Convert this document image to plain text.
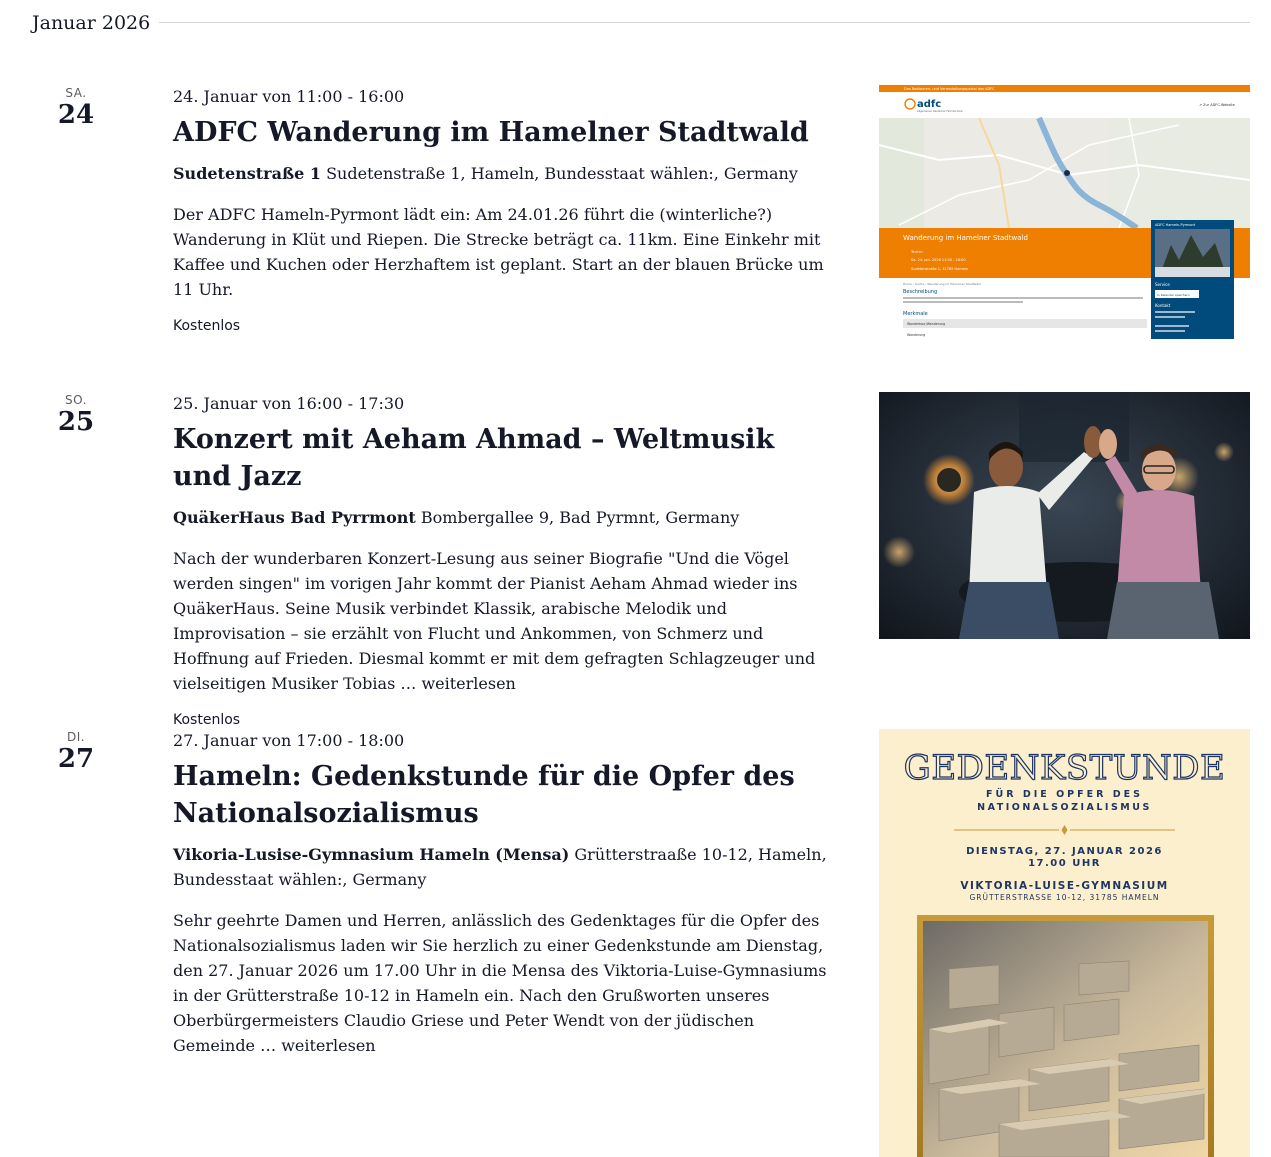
Januar 2026
SA.
24
24. Januar von 11:00 - 16:00
ADFC Wanderung im Hamelner Stadtwald
Sudetenstraße 1 Sudetenstraße 1, Hameln, Bundesstaat wählen:, Germany

Der ADFC Hameln-Pyrmont lädt ein: Am 24.01.26 führt die (winterliche?) Wanderung in Klüt und Riepen. Die Strecke beträgt ca. 11km. Eine Einkehr mit Kaffee und Kuchen oder Herzhaftem ist geplant. Start an der blauen Brücke um 11 Uhr.

Kostenlos
Das Radtouren- und Veranstaltungsportal des ADFC
adfc
Allgemeiner Deutscher Fahrrad-Club
↗ Zur ADFC-Website
Wanderung im Hamelner Stadtwald
Termin
Sa. 24. Jan. 2026 11:00 - 16:00
Sudetenstraße 1, 31785 Hameln
ADFC Hameln-Pyrmont
Service
In Kalender speichern
Kontakt
Home › Suche › Wanderung im Hamelner Stadtwald
Beschreibung
Merkmale
Wandertour/Wanderung
Wanderung
SO.
25
25. Januar von 16:00 - 17:30
Konzert mit Aeham Ahmad – Weltmusik und Jazz
QuäkerHaus Bad Pyrrmont Bombergallee 9, Bad Pyrmnt, Germany

Nach der wunderbaren Konzert-Lesung aus seiner Biografie "Und die Vögel werden singen" im vorigen Jahr kommt der Pianist Aeham Ahmad wieder ins QuäkerHaus. Seine Musik verbindet Klassik, arabische Melodik und Improvisation – sie erzählt von Flucht und Ankommen, von Schmerz und Hoffnung auf Frieden. Diesmal kommt er mit dem gefragten Schlagzeuger und vielseitigen Musiker Tobias … weiterlesen

Kostenlos
DI.
27
27. Januar von 17:00 - 18:00
Hameln: Gedenkstunde für die Opfer des Nationalsozialismus
Vikoria-Lusise-Gymnasium Hameln (Mensa) Grütterstraaße 10-12, Hameln, Bundesstaat wählen:, Germany

Sehr geehrte Damen und Herren, anlässlich des Gedenktages für die Opfer des Nationalsozialismus laden wir Sie herzlich zu einer Gedenkstunde am Dienstag, den 27. Januar 2026 um 17.00 Uhr in die Mensa des Viktoria-Luise-Gymnasiums in der Grütterstraße 10-12 in Hameln ein. Nach den Grußworten unseres Oberbürgermeisters Claudio Griese und Peter Wendt von der jüdischen Gemeinde … weiterlesen

GEDENKSTUNDE
FÜR DIE OPFER DES
NATIONALSOZIALISMUS
DIENSTAG, 27. JANUAR 2026
17.00 UHR
VIKTORIA-LUISE-GYMNASIUM
GRÜTTERSTRASSE 10-12, 31785 HAMELN
